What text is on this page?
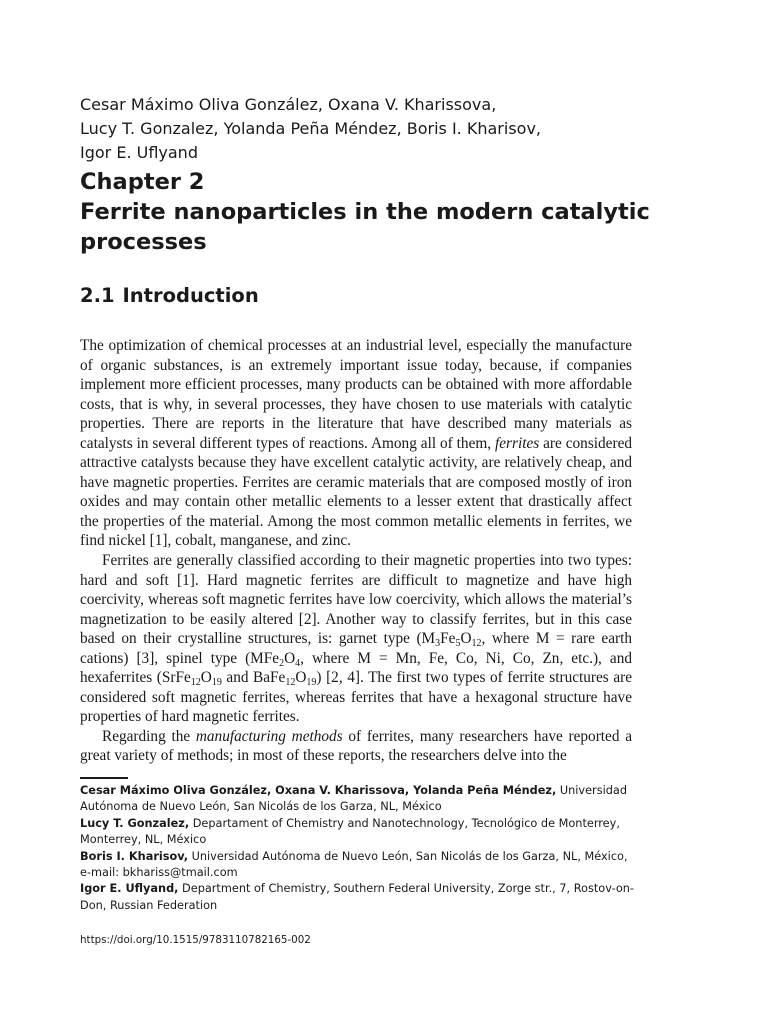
Cesar Máximo Oliva González, Oxana V. Kharissova,
Lucy T. Gonzalez, Yolanda Peña Méndez, Boris I. Kharisov,
Igor E. Uflyand
Chapter 2
Ferrite nanoparticles in the modern catalytic
processes
2.1 Introduction

The optimization of chemical processes at an industrial level, especially the manufacture of organic substances, is an extremely important issue today, because, if companies implement more efficient processes, many products can be obtained with more affordable costs, that is why, in several processes, they have chosen to use materials with catalytic properties. There are reports in the literature that have described many materials as catalysts in several different types of reactions. Among all of them, ferrites are considered attractive catalysts because they have excellent catalytic activity, are relatively cheap, and have magnetic properties. Ferrites are ceramic materials that are composed mostly of iron oxides and may contain other metallic elements to a lesser extent that drastically affect the properties of the material. Among the most common metallic elements in ferrites, we find nickel [1], cobalt, manganese, and zinc.

Ferrites are generally classified according to their magnetic properties into two types: hard and soft [1]. Hard magnetic ferrites are difficult to magnetize and have high coercivity, whereas soft magnetic ferrites have low coercivity, which allows the material’s magnetization to be easily altered [2]. Another way to classify ferrites, but in this case based on their crystalline structures, is: garnet type ($M_3Fe_5O_{12}$, where M = rare earth cations) [3], spinel type ($MFe_2O_4$, where M = Mn, Fe, Co, Ni, Co, Zn, etc.), and hexaferrites ($SrFe_{12}O_{19}$ and $BaFe_{12}O_{19}$) [2, 4]. The first two types of ferrite structures are considered soft magnetic ferrites, whereas ferrites that have a hexagonal structure have properties of hard magnetic ferrites.

Regarding the manufacturing methods of ferrites, many researchers have reported a great variety of methods; in most of these reports, the researchers delve into the

Cesar Máximo Oliva González, Oxana V. Kharissova, Yolanda Peña Méndez, Universidad Autónoma de Nuevo León, San Nicolás de los Garza, NL, México

Lucy T. Gonzalez, Departament of Chemistry and Nanotechnology, Tecnológico de Monterrey, Monterrey, NL, México

Boris I. Kharisov, Universidad Autónoma de Nuevo León, San Nicolás de los Garza, NL, México, e-mail: bkhariss@tmail.com

Igor E. Uflyand, Department of Chemistry, Southern Federal University, Zorge str., 7, Rostov-on-Don, Russian Federation

https://doi.org/10.1515/9783110782165-002
